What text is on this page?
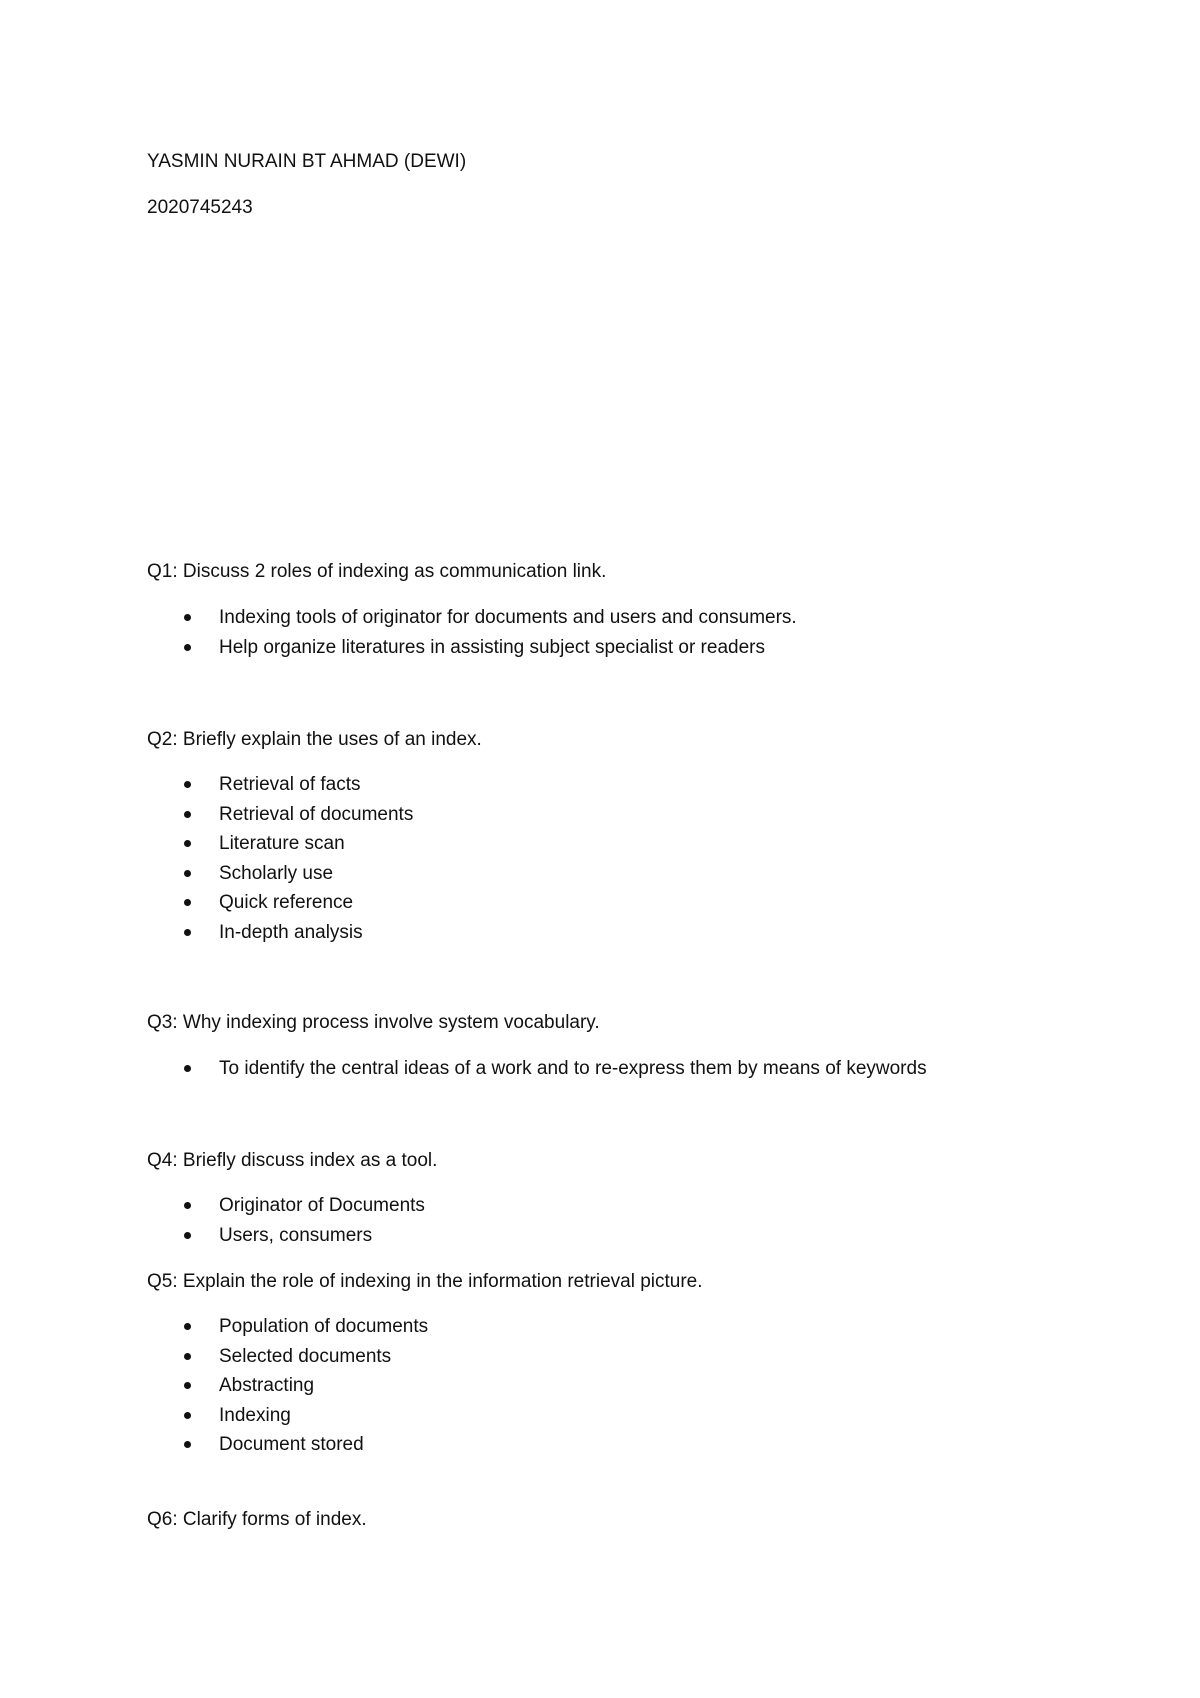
YASMIN NURAIN BT AHMAD (DEWI)
2020745243
Q1: Discuss 2 roles of indexing as communication link.
Indexing tools of originator for documents and users and consumers.
Help organize literatures in assisting subject specialist or readers
Q2: Briefly explain the uses of an index.
Retrieval of facts
Retrieval of documents
Literature scan
Scholarly use
Quick reference
In-depth analysis
Q3: Why indexing process involve system vocabulary.
To identify the central ideas of a work and to re-express them by means of keywords
Q4: Briefly discuss index as a tool.
Originator of Documents
Users, consumers
Q5: Explain the role of indexing in the information retrieval picture.
Population of documents
Selected documents
Abstracting
Indexing
Document stored
Q6: Clarify forms of index.
